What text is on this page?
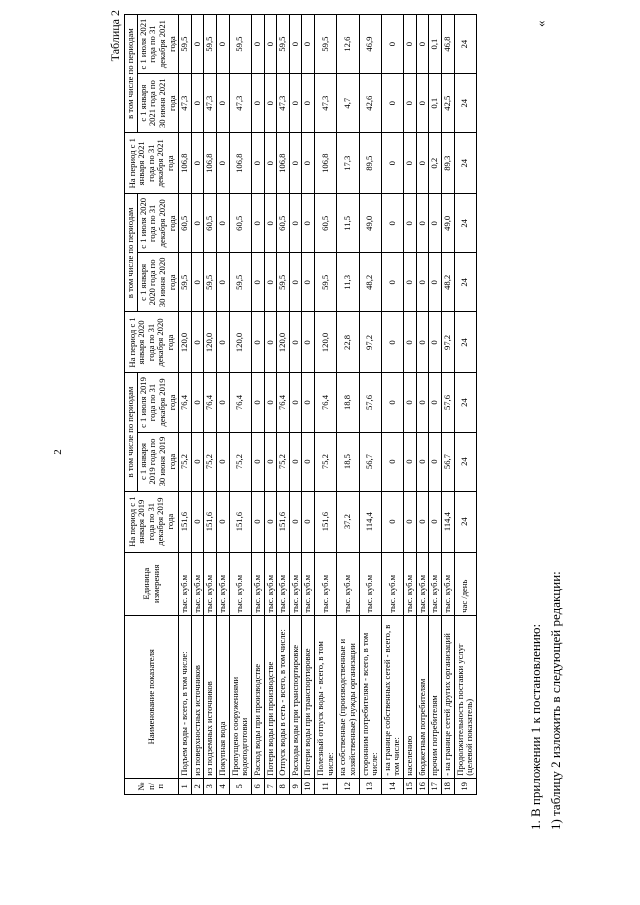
2
1. В приложении 1 к постановлению: 1) таблицу 2 изложить в следующей редакции:
«
Таблица 2
№ п/п	Наименование показателя	Единица измерения	На период с 1 января 2019 года по 31 декабря 2019 года	в том числе по периодам		На период с 1 января 2020 года по 31 декабря 2020 года	в том числе по периодам		На период с 1 января 2021 года по 31 декабря 2021 года	в том числе по периодам	
				с 1 января 2019 года по 30 июня 2019 года	с 1 июля 2019 года по 31 декабря 2019 года		с 1 января 2020 года по 30 июня 2020 года	с 1 июля 2020 года по 31 декабря 2020 года		с 1 января 2021 года по 30 июня 2021 года	с 1 июля 2021 года по 31 декабря 2021 года
1	Подъем воды - всего, в том числе:	тыс. куб.м	151,6	75,2	76,4	120,0	59,5	60,5	106,8	47,3	59,5
2	из поверхностных источников	тыс. куб.м	0	0	0	0	0	0	0	0	0
3	из подземных источников	тыс. куб.м	151,6	75,2	76,4	120,0	59,5	60,5	106,8	47,3	59,5
4	Покупная вода	тыс. куб.м	0	0	0	0	0	0	0	0	0
5	Пропущено сооружениями водоподготовки	тыс. куб.м	151,6	75,2	76,4	120,0	59,5	60,5	106,8	47,3	59,5
6	Расход воды при производстве	тыс. куб.м	0	0	0	0	0	0	0	0	0
7	Потери воды при производстве	тыс. куб.м	0	0	0	0	0	0	0	0	0
8	Отпуск воды в сеть - всего, в том числе:	тыс. куб.м	151,6	75,2	76,4	120,0	59,5	60,5	106,8	47,3	59,5
9	Расходы воды при транспортировке	тыс. куб.м	0	0	0	0	0	0	0	0	0
10	Потери воды при транспортировке	тыс. куб.м	0	0	0	0	0	0	0	0	0
11	Полезный отпуск воды - всего, в том числе:	тыс. куб.м	151,6	75,2	76,4	120,0	59,5	60,5	106,8	47,3	59,5
12	на собственные (производственные и хозяйственные) нужды организации	тыс. куб.м	37,2	18,5	18,8	22,8	11,3	11,5	17,3	4,7	12,6
13	сторонним потребителям - всего, в том числе:	тыс. куб.м	114,4	56,7	57,6	97,2	48,2	49,0	89,5	42,6	46,9
14	- на границе собственных сетей - всего, в том числе:	тыс. куб.м	0	0	0	0	0	0	0	0	0
15	населению	тыс. куб.м	0	0	0	0	0	0	0	0	0
16	бюджетным потребителям	тыс. куб.м	0	0	0	0	0	0	0	0	0
17	прочим потребителям	тыс. куб.м	0	0	0	0	0	0	0,2	0,1	0,1
18	- на границе сетей других организаций	тыс. куб.м	114,4	56,7	57,6	97,2	48,2	49,0	89,3	42,5	46,8
19	Продолжительность поставки услуг (целевой показатель)	час /день	24	24	24	24	24	24	24	24	24
